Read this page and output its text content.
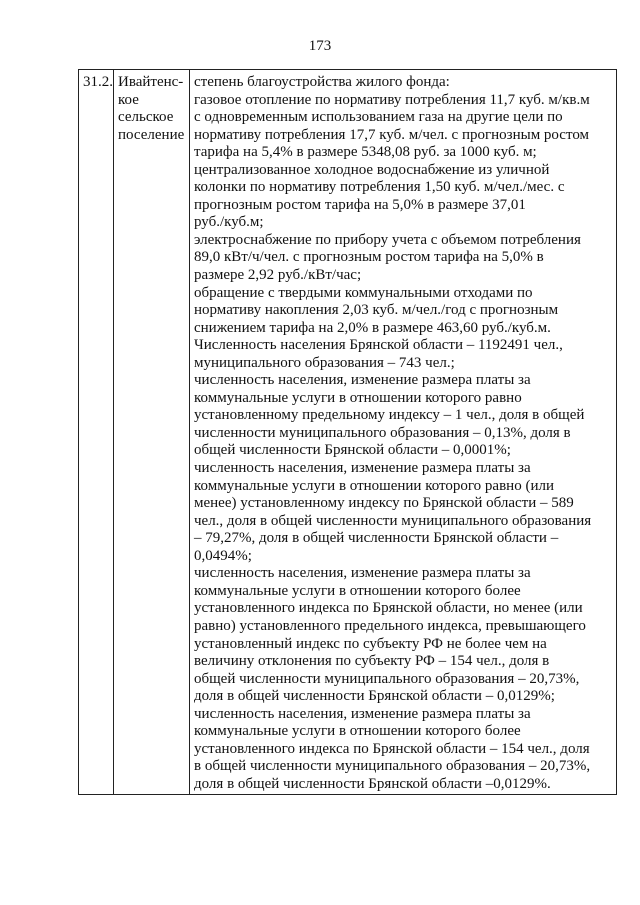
173
31.2.	Ивайтенс-
кое
сельское
поселение

степень благоустройства жилого фонда:
газовое отопление по нормативу потребления 11,7 куб. м/кв.м
с одновременным использованием газа на другие цели по
нормативу потребления 17,7 куб. м/чел. с прогнозным ростом
тарифа на 5,4% в размере 5348,08 руб. за 1000 куб. м;
централизованное холодное водоснабжение из уличной
колонки по нормативу потребления 1,50 куб. м/чел./мес. с
прогнозным ростом тарифа на 5,0% в размере 37,01
руб./куб.м;
электроснабжение по прибору учета с объемом потребления
89,0 кВт/ч/чел. с прогнозным ростом тарифа на 5,0% в
размере 2,92 руб./кВт/час;
обращение с твердыми коммунальными отходами по
нормативу накопления 2,03 куб. м/чел./год с прогнозным
снижением тарифа на 2,0% в размере 463,60 руб./куб.м.
Численность населения Брянской области – 1192491 чел.,
муниципального образования – 743 чел.;
численность населения, изменение размера платы за
коммунальные услуги в отношении которого равно
установленному предельному индексу – 1 чел., доля в общей
численности муниципального образования – 0,13%, доля в
общей численности Брянской области – 0,0001%;
численность населения, изменение размера платы за
коммунальные услуги в отношении которого равно (или
менее) установленному индексу по Брянской области – 589
чел., доля в общей численности муниципального образования
– 79,27%, доля в общей численности Брянской области –
0,0494%;
численность населения, изменение размера платы за
коммунальные услуги в отношении которого более
установленного индекса по Брянской области, но менее (или
равно) установленного предельного индекса, превышающего
установленный индекс по субъекту РФ не более чем на
величину отклонения по субъекту РФ – 154 чел., доля в
общей численности муниципального образования – 20,73%,
доля в общей численности Брянской области – 0,0129%;
численность населения, изменение размера платы за
коммунальные услуги в отношении которого более
установленного индекса по Брянской области – 154 чел., доля
в общей численности муниципального образования – 20,73%,
доля в общей численности Брянской области –0,0129%.
